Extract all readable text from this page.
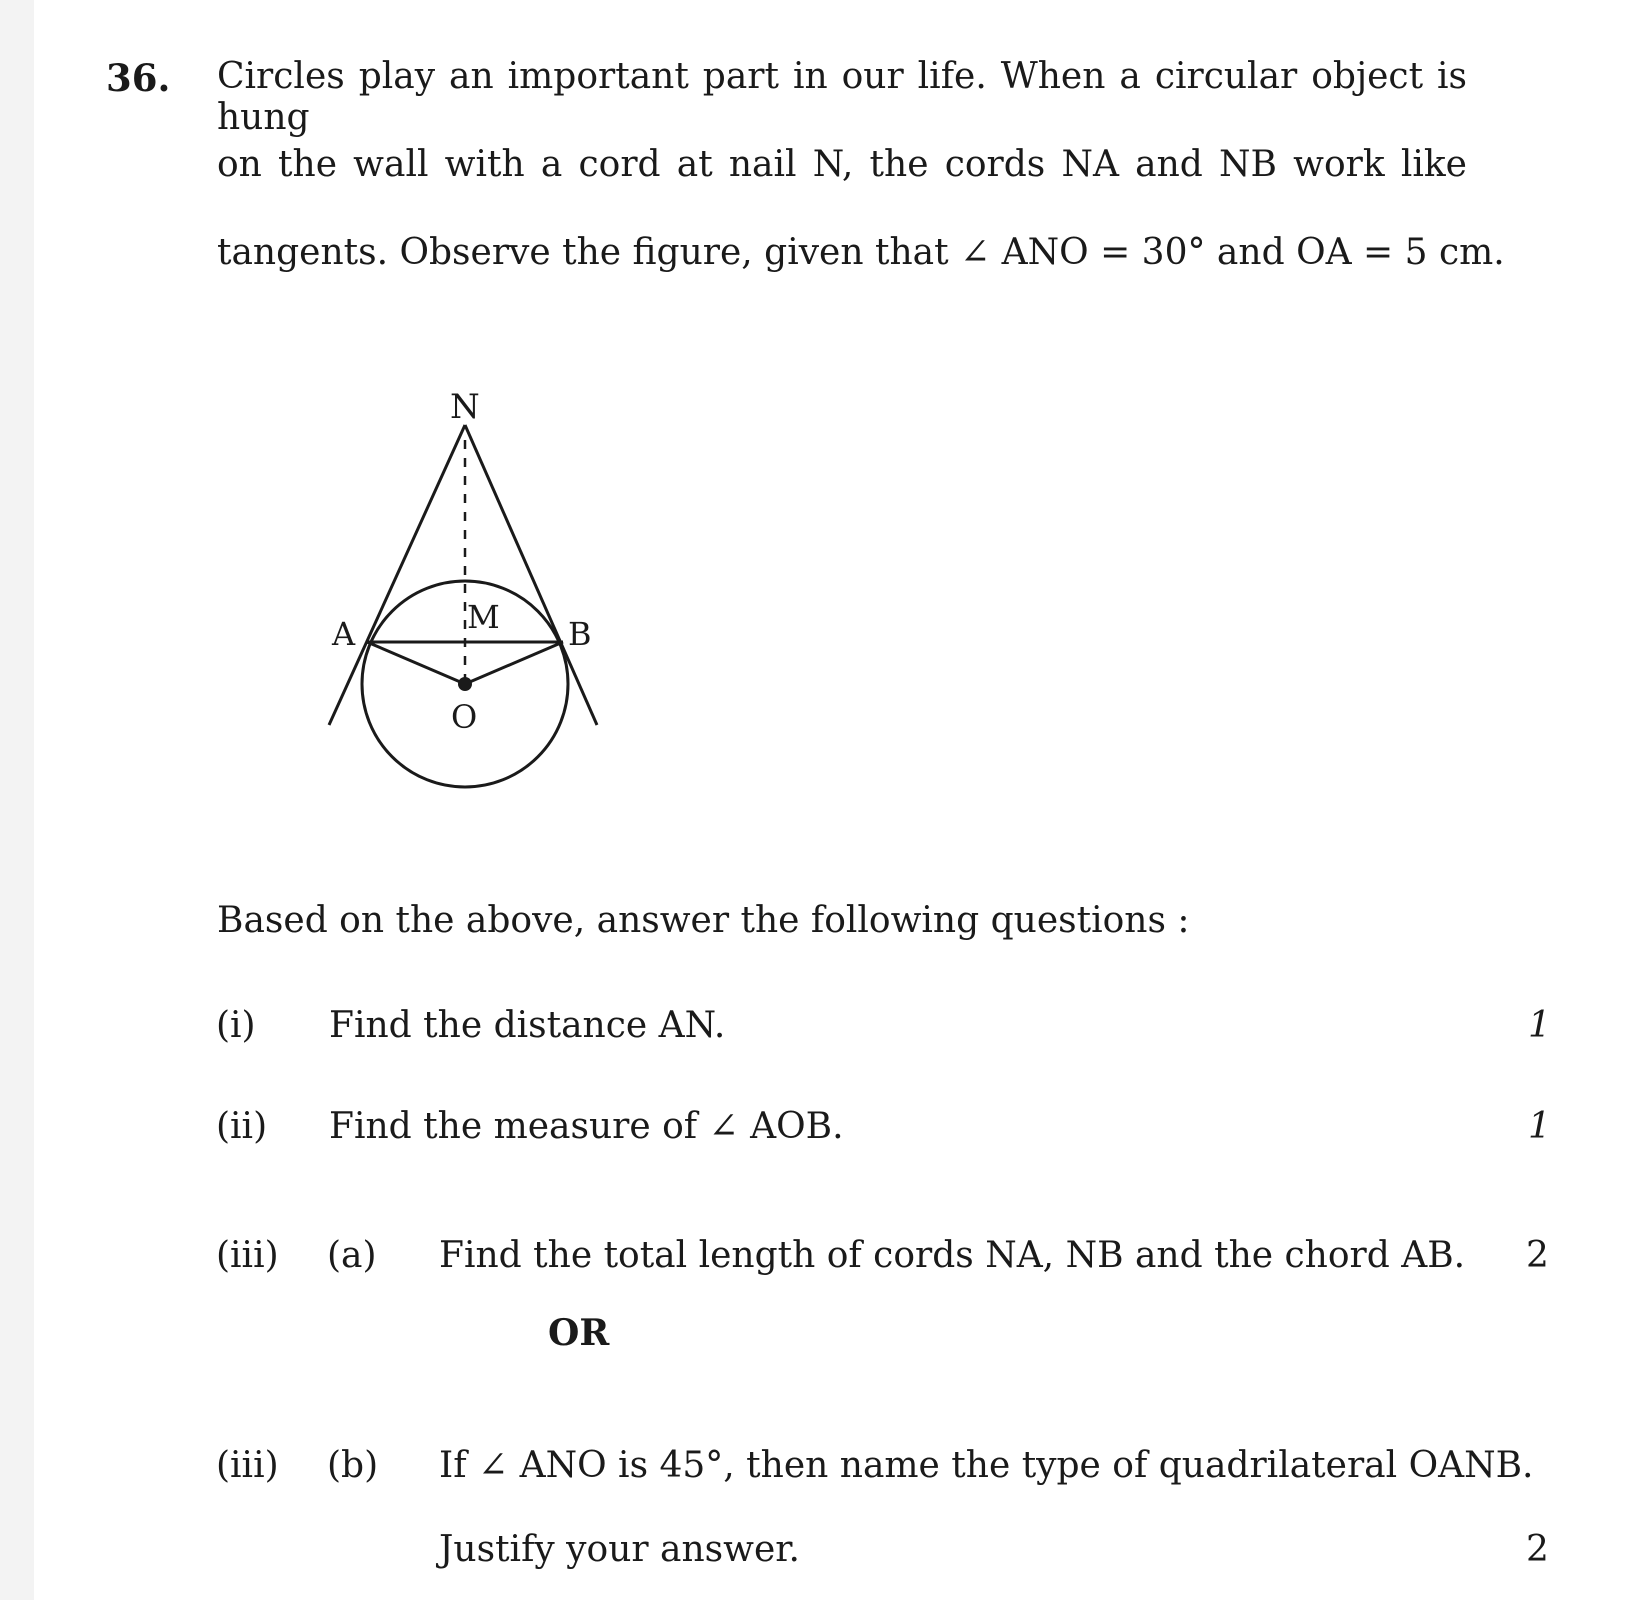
36. Circles play an important part in our life. When a circular object is hung
on the wall with a cord at nail N, the cords NA and NB work like
tangents. Observe the figure, given that ∠ ANO = 30° and OA = 5 cm.
N
M
A	B
O
Based on the above, answer the following questions :
(i) Find the distance AN.	1
(ii) Find the measure of ∠ AOB.	1
(iii) (a) Find the total length of cords NA, NB and the chord AB. 2
OR
(iii) (b) If ∠ ANO is 45°, then name the type of quadrilateral OANB.
Justify your answer.	2
